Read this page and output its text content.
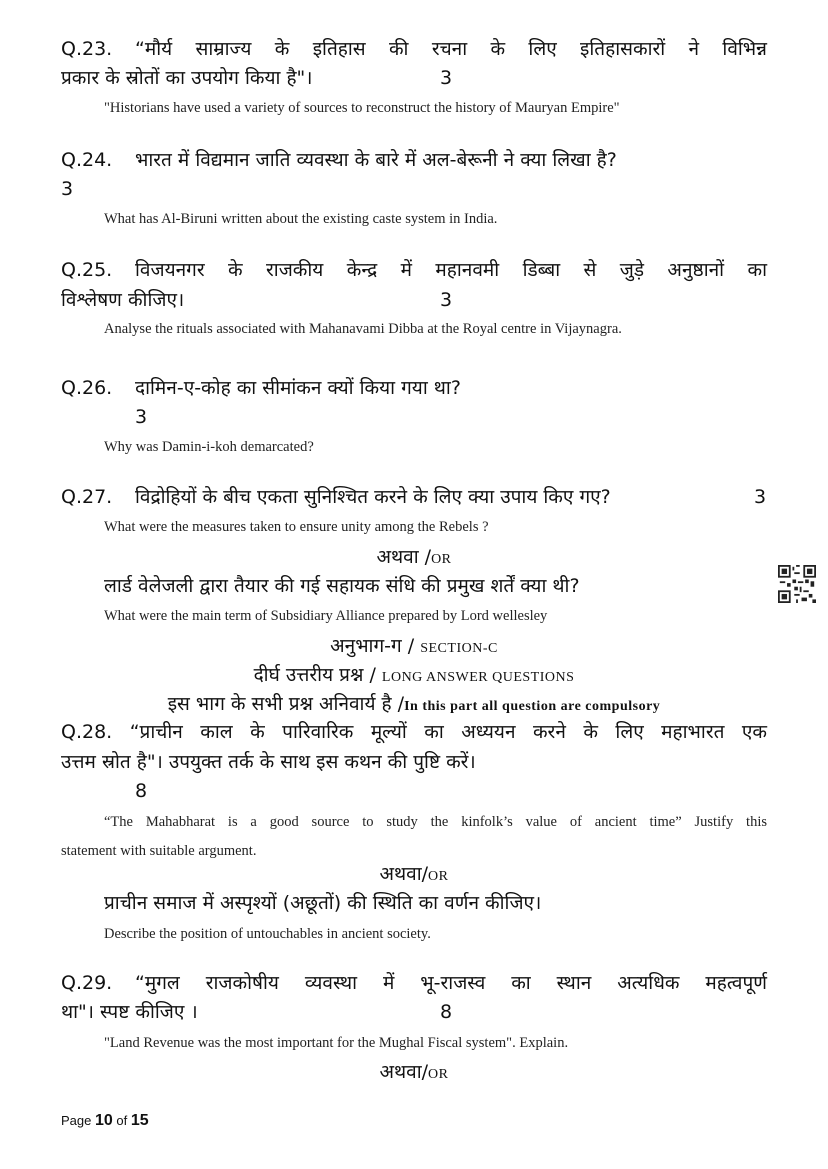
Q.23. “मौर्य साम्राज्य के इतिहास की रचना के लिए इतिहासकारों ने विभिन्न
प्रकार के स्रोतों का उपयोग किया है"।	3
"Historians have used a variety of sources to reconstruct the history of Mauryan Empire"
Q.24. भारत में विद्यमान जाति व्यवस्था के बारे में अल-बेरूनी ने क्या लिखा है?
3
What has Al-Biruni written about the existing caste system in India.
Q.25. विजयनगर के राजकीय केन्द्र में महानवमी डिब्बा से जुड़े अनुष्ठानों का
विश्लेषण कीजिए।	3
Analyse the rituals associated with Mahanavami Dibba at the Royal centre in Vijaynagra.
Q.26. दामिन-ए-कोह का सीमांकन क्यों किया गया था?
3
Why was Damin-i-koh demarcated?
Q.27. विद्रोहियों के बीच एकता सुनिश्चित करने के लिए क्या उपाय किए गए?	3
What were the measures taken to ensure unity among the Rebels ?
अथवा /OR
लार्ड वेलेजली द्वारा तैयार की गई सहायक संधि की प्रमुख शर्तें क्या थी?
What were the main term of Subsidiary Alliance prepared by Lord wellesley
अनुभाग-ग / SECTION-C
दीर्घ उत्तरीय प्रश्न / LONG ANSWER QUESTIONS
इस भाग के सभी प्रश्न अनिवार्य है /In this part all question are compulsory
Q.28. “प्राचीन काल के पारिवारिक मूल्यों का अध्ययन करने के लिए महाभारत एक
उत्तम स्रोत है"। उपयुक्त तर्क के साथ इस कथन की पुष्टि करें।
8
“The Mahabharat is a good source to study the kinfolk’s value of ancient time” Justify this
statement with suitable argument.
अथवा/OR
प्राचीन समाज में अस्पृश्यों (अछूतों) की स्थिति का वर्णन कीजिए।
Describe the position of untouchables in ancient society.
Q.29. “मुगल राजकोषीय व्यवस्था में भू-राजस्व का स्थान अत्यधिक महत्वपूर्ण
था"। स्पष्ट कीजिए ।	8
"Land Revenue was the most important for the Mughal Fiscal system". Explain.
अथवा/OR
Page 10 of 15
